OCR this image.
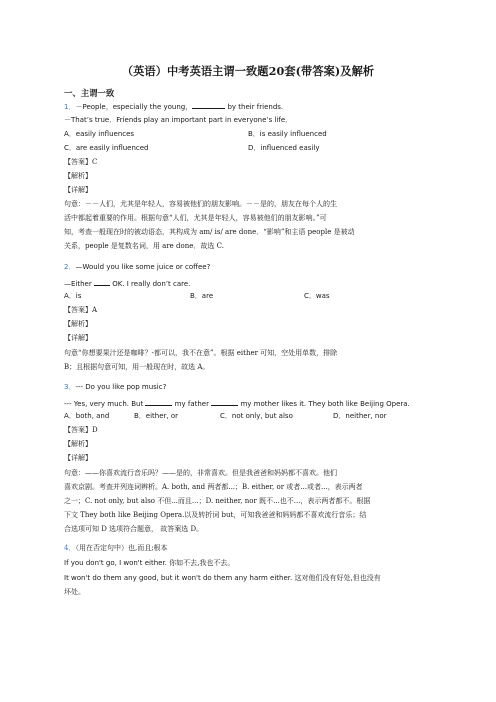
（英语）中考英语主谓一致题20套(带答案)及解析
一、主谓一致
1．－People，especially the young，	by their friends.
－That’s true．Friends play an important part in everyone’s life．
A．easily influences	B．is easily influenced
C．are easily influenced	D．influenced easily
【答案】C
【解析】
【详解】
句意：－－人们，尤其是年轻人，容易被他们的朋友影响。－－是的，朋友在每个人的生
活中都起着重要的作用。根据句意“人们，尤其是年轻人，容易被他们的朋友影响。”可
知，考查一般现在时的被动语态，其构成为 am/ is/ are done．“影响”和主语 people 是被动
关系，people 是复数名词，用 are done．故选 C.
2．—Would you like some juice or coffee?
—Either  OK. I really don’t care.
A．is	B．are	C．was
【答案】A
【解析】
【详解】
句意“你想要果汁还是咖啡？-都可以，我不在意”。根据 either 可知，空处用单数，排除
B；且根据句意可知，用一般现在时，故选 A。
3．--- Do you like pop music?
--- Yes, very much. But	my father	my mother likes it. They both like Beijing Opera.
A．both, and	B．either, or	C．not only, but also	D．neither, nor
【答案】D
【解析】
【详解】
句意：——你喜欢流行音乐吗？——是的，非常喜欢。但是我爸爸和妈妈都不喜欢。他们
喜欢京剧。考查并列连词辨析。A. both, and 两者都...；B. either, or 或者...或者...，表示两者
之一；C. not only, but also 不但...而且...；D. neither, nor 既不...也不...，表示两者都不。根据
下文 They both like Beijing Opera.以及转折词 but，可知我爸爸和妈妈都不喜欢流行音乐；结
合选项可知 D 选项符合题意， 故答案选 D。
4．（用在否定句中）也,而且;根本
If you don't go, I won't either. 你如不去,我也不去。
It won't do them any good, but it won't do them any harm either. 这对他们没有好处,但也没有
坏处。
